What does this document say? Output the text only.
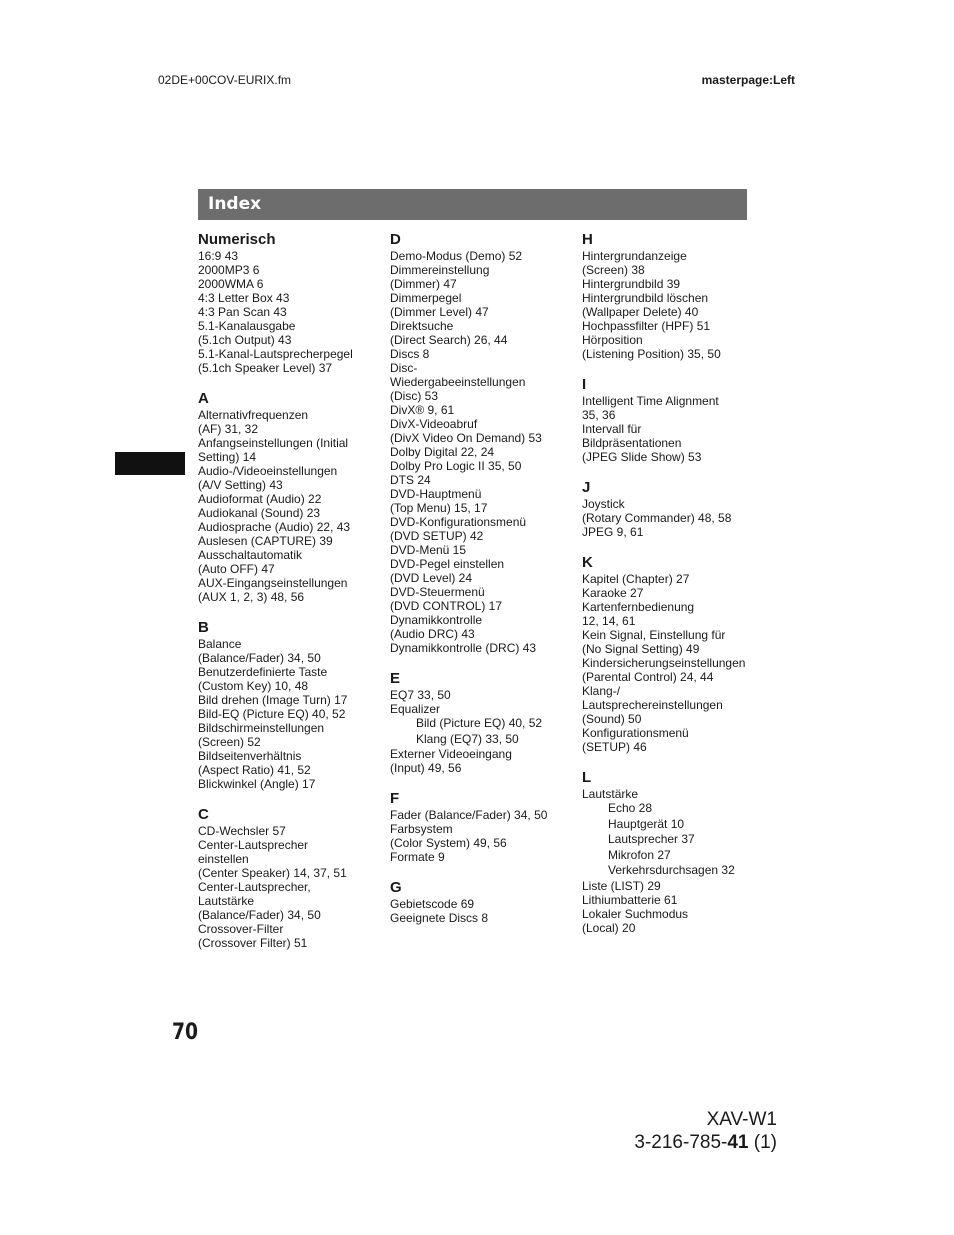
02DE+00COV-EURIX.fm	masterpage:Left
Index
Numerisch
16:9 43
2000MP3 6
2000WMA 6
4:3 Letter Box 43
4:3 Pan Scan 43
5.1-Kanalausgabe
(5.1ch Output) 43
5.1-Kanal-Lautsprecherpegel
(5.1ch Speaker Level) 37
A
Alternativfrequenzen
(AF) 31, 32
Anfangseinstellungen (Initial
Setting) 14
Audio-/Videoeinstellungen
(A/V Setting) 43
Audioformat (Audio) 22
Audiokanal (Sound) 23
Audiosprache (Audio) 22, 43
Auslesen (CAPTURE) 39
Ausschaltautomatik
(Auto OFF) 47
AUX-Eingangseinstellungen
(AUX 1, 2, 3) 48, 56
B
Balance
(Balance/Fader) 34, 50
Benutzerdefinierte Taste
(Custom Key) 10, 48
Bild drehen (Image Turn) 17
Bild-EQ (Picture EQ) 40, 52
Bildschirmeinstellungen
(Screen) 52
Bildseitenverhältnis
(Aspect Ratio) 41, 52
Blickwinkel (Angle) 17
C
CD-Wechsler 57
Center-Lautsprecher
einstellen
(Center Speaker) 14, 37, 51
Center-Lautsprecher,
Lautstärke
(Balance/Fader) 34, 50
Crossover-Filter
(Crossover Filter) 51
D
Demo-Modus (Demo) 52
Dimmereinstellung
(Dimmer) 47
Dimmerpegel
(Dimmer Level) 47
Direktsuche
(Direct Search) 26, 44
Discs 8
Disc-
Wiedergabeeinstellungen
(Disc) 53
DivX® 9, 61
DivX-Videoabruf
(DivX Video On Demand) 53
Dolby Digital 22, 24
Dolby Pro Logic II 35, 50
DTS 24
DVD-Hauptmenü
(Top Menu) 15, 17
DVD-Konfigurationsmenü
(DVD SETUP) 42
DVD-Menü 15
DVD-Pegel einstellen
(DVD Level) 24
DVD-Steuermenü
(DVD CONTROL) 17
Dynamikkontrolle
(Audio DRC) 43
Dynamikkontrolle (DRC) 43
E
EQ7 33, 50
Equalizer
Bild (Picture EQ) 40, 52
Klang (EQ7) 33, 50
Externer Videoeingang
(Input) 49, 56
F
Fader (Balance/Fader) 34, 50
Farbsystem
(Color System) 49, 56
Formate 9
G
Gebietscode 69
Geeignete Discs 8
H
Hintergrundanzeige
(Screen) 38
Hintergrundbild 39
Hintergrundbild löschen
(Wallpaper Delete) 40
Hochpassfilter (HPF) 51
Hörposition
(Listening Position) 35, 50
I
Intelligent Time Alignment
35, 36
Intervall für
Bildpräsentationen
(JPEG Slide Show) 53
J
Joystick
(Rotary Commander) 48, 58
JPEG 9, 61
K
Kapitel (Chapter) 27
Karaoke 27
Kartenfernbedienung
12, 14, 61
Kein Signal, Einstellung für
(No Signal Setting) 49
Kindersicherungseinstellungen
(Parental Control) 24, 44
Klang-/
Lautsprechereinstellungen
(Sound) 50
Konfigurationsmenü
(SETUP) 46
L
Lautstärke
Echo 28
Hauptgerät 10
Lautsprecher 37
Mikrofon 27
Verkehrsdurchsagen 32
Liste (LIST) 29
Lithiumbatterie 61
Lokaler Suchmodus
(Local) 20
70
XAV-W1
3-216-785-41 (1)
